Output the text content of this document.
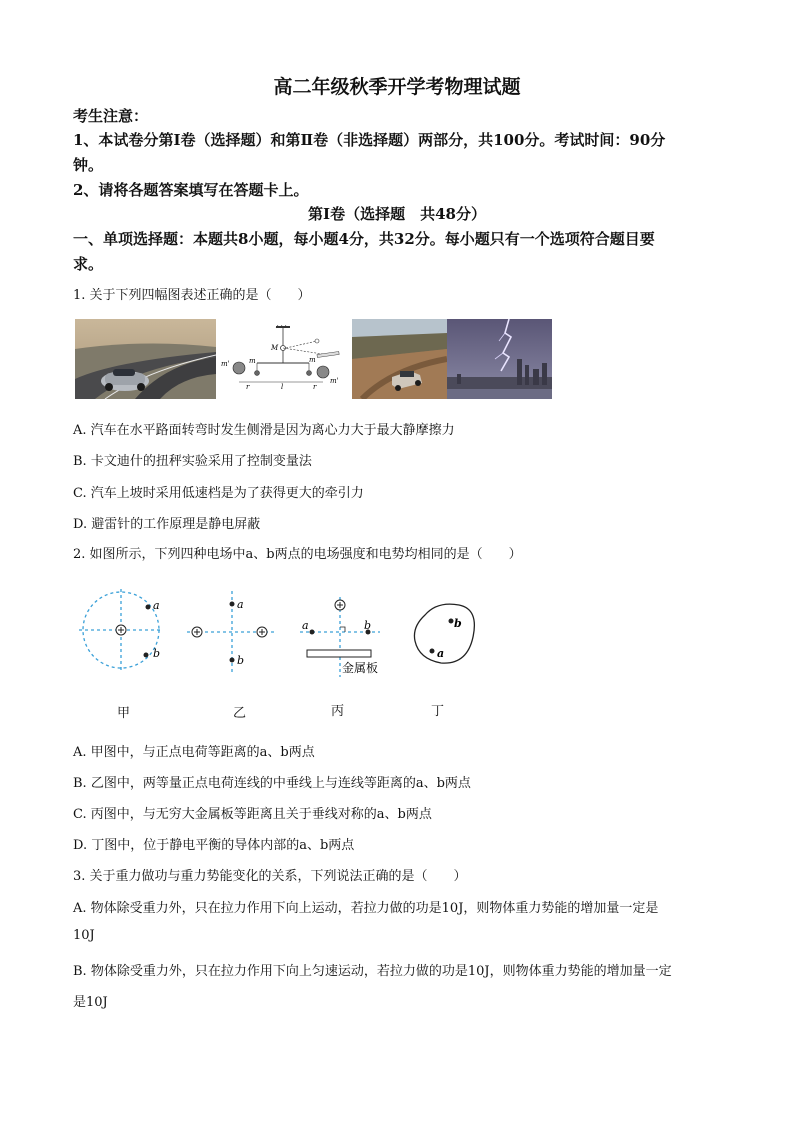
高二年级秋季开学考物理试题
考生注意：
1、本试卷分第Ⅰ卷（选择题）和第Ⅱ卷（非选择题）两部分，共100分。考试时间：90分
钟。
2、请将各题答案填写在答题卡上。
第Ⅰ卷（选择题　共48分）
一、单项选择题：本题共8小题，每小题4分，共32分。每小题只有一个选项符合题目要
求。
1. 关于下列四幅图表述正确的是（　　）
M
m'	m
r	l
m
r
m'
A. 汽车在水平路面转弯时发生侧滑是因为离心力大于最大静摩擦力
B. 卡文迪什的扭秤实验采用了控制变量法
C. 汽车上坡时采用低速档是为了获得更大的牵引力
D. 避雷针的工作原理是静电屏蔽
2. 如图所示，下列四种电场中a、b两点的电场强度和电势均相同的是（　　）
a
b
a
b
a	b
金属板
b
a
甲	乙	丙	丁
A. 甲图中，与正点电荷等距离的a、b两点
B. 乙图中，两等量正点电荷连线的中垂线上与连线等距离的a、b两点
C. 丙图中，与无穷大金属板等距离且关于垂线对称的a、b两点
D. 丁图中，位于静电平衡的导体内部的a、b两点
3. 关于重力做功与重力势能变化的关系，下列说法正确的是（　　）
A. 物体除受重力外，只在拉力作用下向上运动，若拉力做的功是10J，则物体重力势能的增加量一定是
10J
B. 物体除受重力外，只在拉力作用下向上匀速运动，若拉力做的功是10J，则物体重力势能的增加量一定
是10J
